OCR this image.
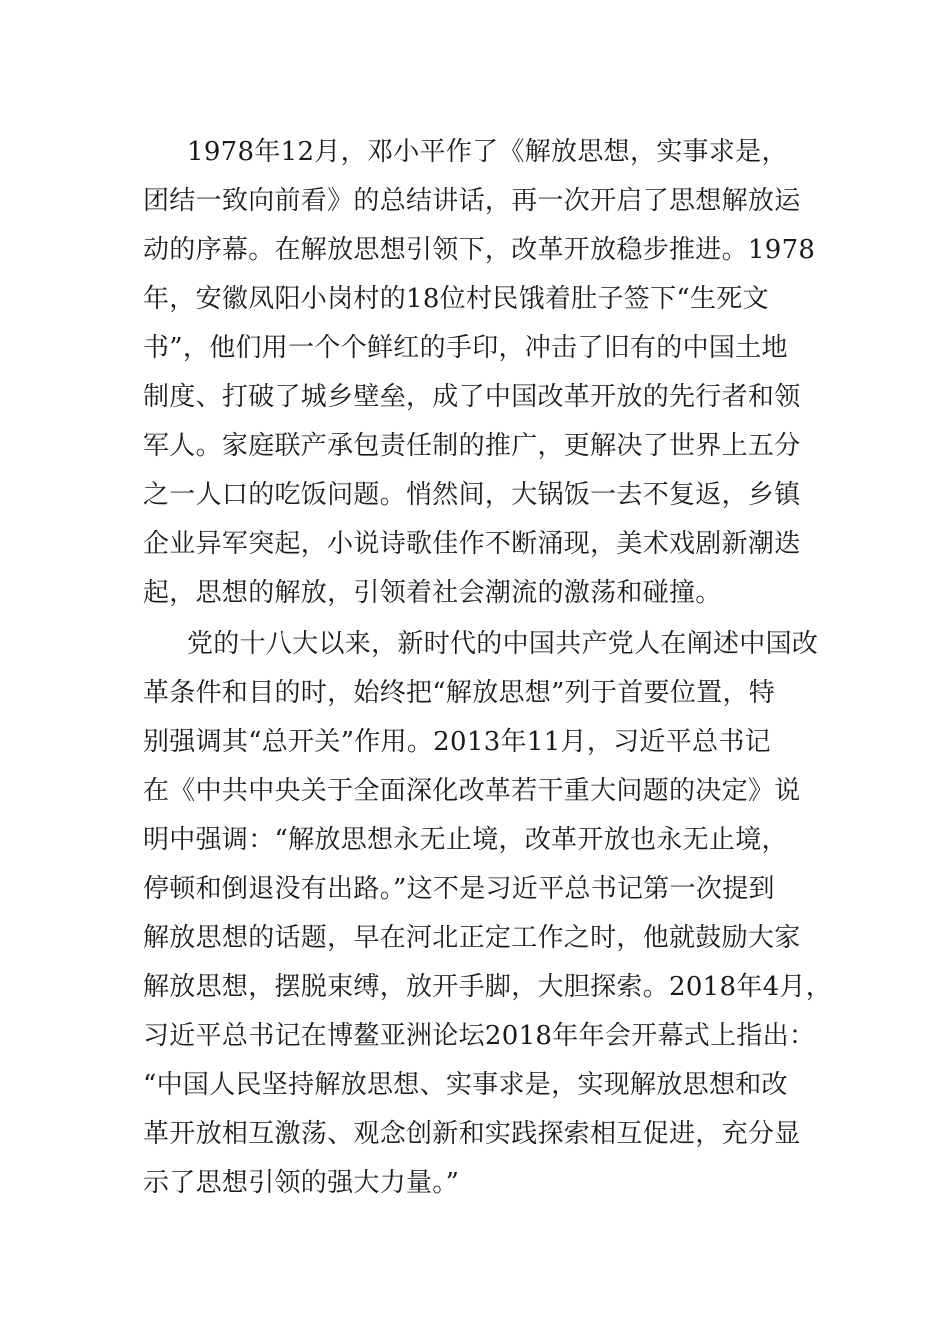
1978年12月，邓小平作了《解放思想，实事求是，
团结一致向前看》的总结讲话，再一次开启了思想解放运
动的序幕。在解放思想引领下，改革开放稳步推进。1978
年，安徽凤阳小岗村的18位村民饿着肚子签下“生死文
书”，他们用一个个鲜红的手印，冲击了旧有的中国土地
制度、打破了城乡壁垒，成了中国改革开放的先行者和领
军人。家庭联产承包责任制的推广，更解决了世界上五分
之一人口的吃饭问题。悄然间，大锅饭一去不复返，乡镇
企业异军突起，小说诗歌佳作不断涌现，美术戏剧新潮迭
起，思想的解放，引领着社会潮流的激荡和碰撞。
党的十八大以来，新时代的中国共产党人在阐述中国改
革条件和目的时，始终把“解放思想”列于首要位置，特
别强调其“总开关”作用。2013年11月，习近平总书记
在《中共中央关于全面深化改革若干重大问题的决定》说
明中强调：“解放思想永无止境，改革开放也永无止境，
停顿和倒退没有出路。”这不是习近平总书记第一次提到
解放思想的话题，早在河北正定工作之时，他就鼓励大家
解放思想，摆脱束缚，放开手脚，大胆探索。2018年4月，
习近平总书记在博鳌亚洲论坛2018年年会开幕式上指出：
“中国人民坚持解放思想、实事求是，实现解放思想和改
革开放相互激荡、观念创新和实践探索相互促进，充分显
示了思想引领的强大力量。”
